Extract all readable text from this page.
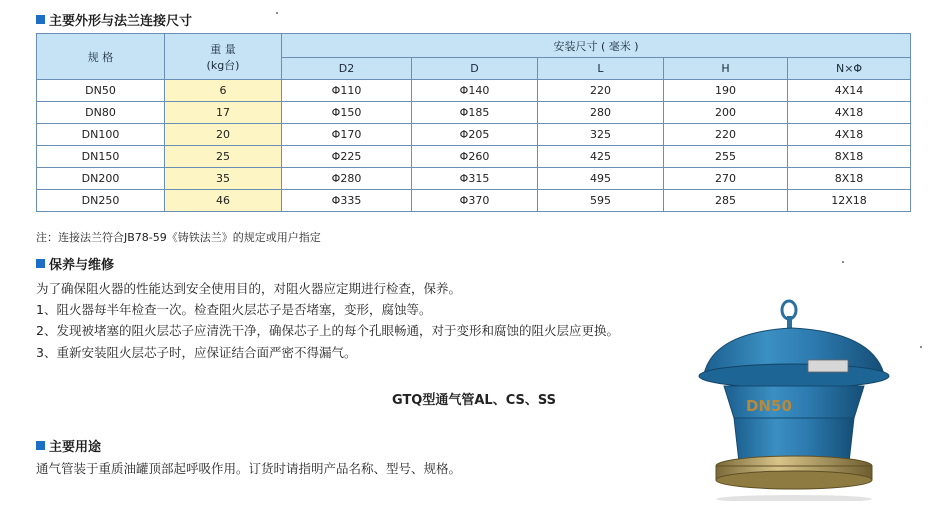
主要外形与法兰连接尺寸
规 格	重 量
(kg台)	安装尺寸 ( 毫米 )				
		D2	D	L	H	N×Φ
DN50	6	Φ110	Φ140	220	190	4X14
DN80	17	Φ150	Φ185	280	200	4X18
DN100	20	Φ170	Φ205	325	220	4X18
DN150	25	Φ225	Φ260	425	255	8X18
DN200	35	Φ280	Φ315	495	270	8X18
DN250	46	Φ335	Φ370	595	285	12X18
注：连接法兰符合JB78-59《铸铁法兰》的规定或用户指定
保养与维修
为了确保阻火器的性能达到安全使用目的，对阻火器应定期进行检查，保养。
1、阻火器每半年检查一次。检查阻火层芯子是否堵塞，变形，腐蚀等。
2、发现被堵塞的阻火层芯子应清洗干净，确保芯子上的每个孔眼畅通，对于变形和腐蚀的阻火层应更换。
3、重新安装阻火层芯子时，应保证结合面严密不得漏气。
GTQ型通气管AL、CS、SS
主要用途
通气管装于重质油罐顶部起呼吸作用。订货时请指明产品名称、型号、规格。
DN50
